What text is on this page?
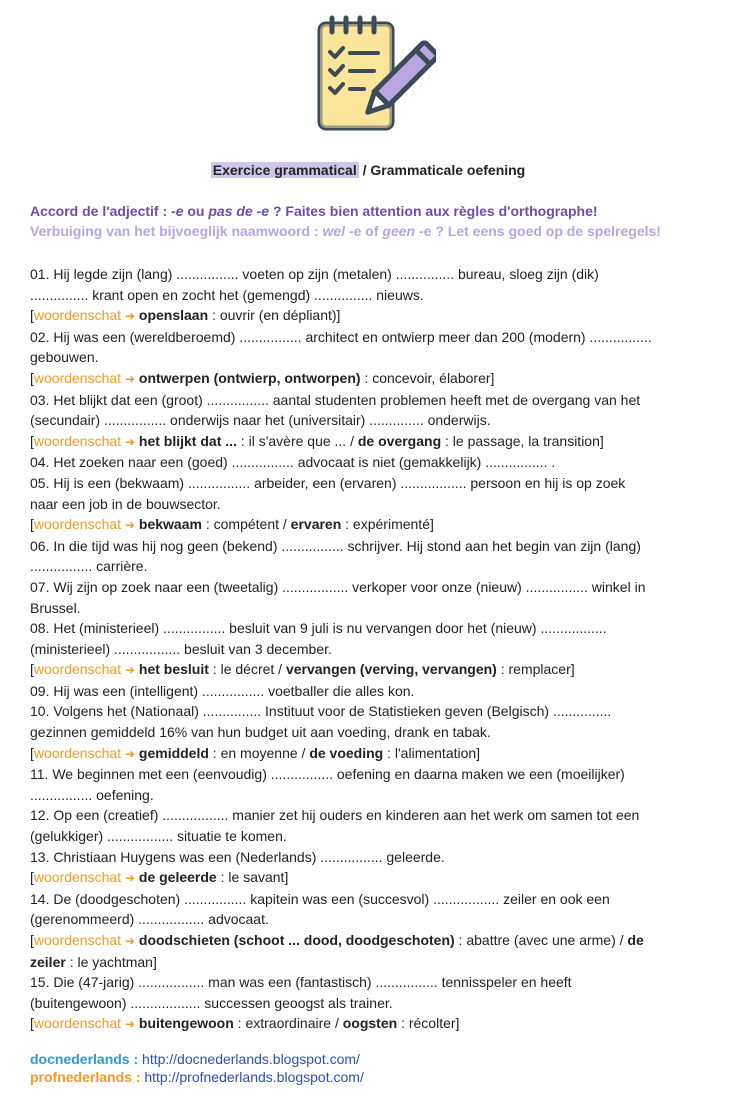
Exercice grammatical / Grammaticale oefening
Accord de l'adjectif : -e ou pas de -e ? Faites bien attention aux règles d'orthographe!
Verbuiging van het bijvoeglijk naamwoord : wel -e of geen -e ? Let eens goed op de spelregels!
01. Hij legde zijn (lang) ................ voeten op zijn (metalen) ............... bureau, sloeg zijn (dik)
............... krant open en zocht het (gemengd) ............... nieuws.
[woordenschat ➜ openslaan : ouvrir (en dépliant)]
02. Hij was een (wereldberoemd) ................ architect en ontwierp meer dan 200 (modern) ................
gebouwen.
[woordenschat ➜ ontwerpen (ontwierp, ontworpen) : concevoir, élaborer]
03. Het blijkt dat een (groot) ................ aantal studenten problemen heeft met de overgang van het
(secundair) ................ onderwijs naar het (universitair) .............. onderwijs.
[woordenschat ➜ het blijkt dat ... : il s'avère que ... / de overgang : le passage, la transition]
04. Het zoeken naar een (goed) ................ advocaat is niet (gemakkelijk) ................ .
05. Hij is een (bekwaam) ................ arbeider, een (ervaren) ................. persoon en hij is op zoek
naar een job in de bouwsector.
[woordenschat ➜ bekwaam : compétent / ervaren : expérimenté]
06. In die tijd was hij nog geen (bekend) ................ schrijver. Hij stond aan het begin van zijn (lang)
................ carrière.
07. Wij zijn op zoek naar een (tweetalig) ................. verkoper voor onze (nieuw) ................ winkel in
Brussel.
08. Het (ministerieel) ................ besluit van 9 juli is nu vervangen door het (nieuw) .................
(ministerieel) ................. besluit van 3 december.
[woordenschat ➜ het besluit : le décret / vervangen (verving, vervangen) : remplacer]
09. Hij was een (intelligent) ................ voetballer die alles kon.
10. Volgens het (Nationaal) ............... Instituut voor de Statistieken geven (Belgisch) ...............
gezinnen gemiddeld 16% van hun budget uit aan voeding, drank en tabak.
[woordenschat ➜ gemiddeld : en moyenne / de voeding : l'alimentation]
11. We beginnen met een (eenvoudig) ................ oefening en daarna maken we een (moeilijker)
................ oefening.
12. Op een (creatief) ................. manier zet hij ouders en kinderen aan het werk om samen tot een
(gelukkiger) ................. situatie te komen.
13. Christiaan Huygens was een (Nederlands) ................ geleerde.
[woordenschat ➜ de geleerde : le savant]
14. De (doodgeschoten) ................ kapitein was een (succesvol) ................. zeiler en ook een
(gerenommeerd) ................. advocaat.
[woordenschat ➜ doodschieten (schoot ... dood, doodgeschoten) : abattre (avec une arme) / de
zeiler : le yachtman]
15. Die (47-jarig) ................. man was een (fantastisch) ................ tennisspeler en heeft
(buitengewoon) .................. successen geoogst als trainer.
[woordenschat ➜ buitengewoon : extraordinaire / oogsten : récolter]
docnederlands : http://docnederlands.blogspot.com/
profnederlands : http://profnederlands.blogspot.com/
